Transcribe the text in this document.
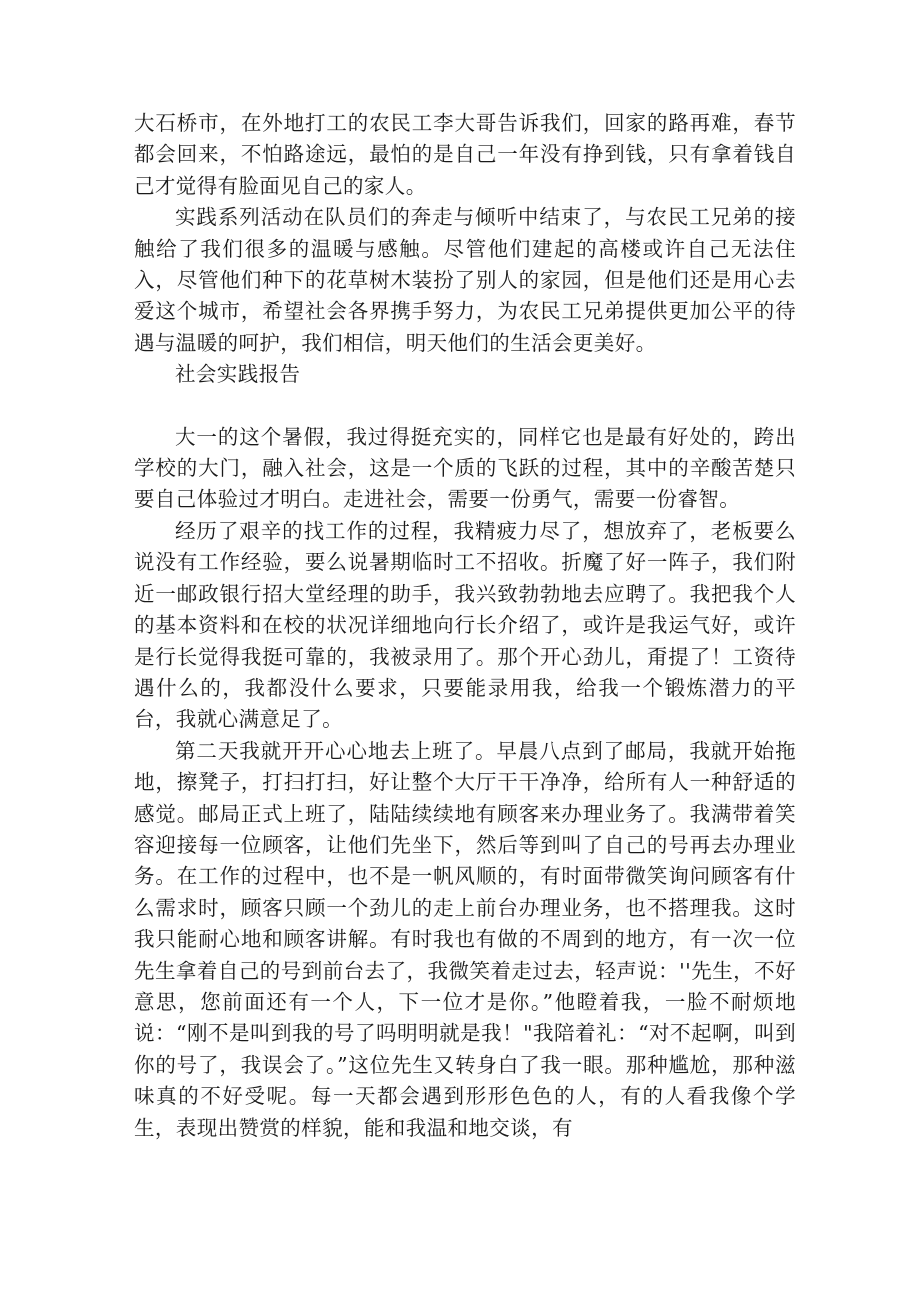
大石桥市，在外地打工的农民工李大哥告诉我们，回家的路再难，春节都会回来，不怕路途远，最怕的是自己一年没有挣到钱，只有拿着钱自己才觉得有脸面见自己的家人。

实践系列活动在队员们的奔走与倾听中结束了，与农民工兄弟的接触给了我们很多的温暖与感触。尽管他们建起的高楼或许自己无法住入，尽管他们种下的花草树木装扮了别人的家园，但是他们还是用心去爱这个城市，希望社会各界携手努力，为农民工兄弟提供更加公平的待遇与温暖的呵护，我们相信，明天他们的生活会更美好。

社会实践报告

大一的这个暑假，我过得挺充实的，同样它也是最有好处的，跨出学校的大门，融入社会，这是一个质的飞跃的过程，其中的辛酸苦楚只要自己体验过才明白。走进社会，需要一份勇气，需要一份睿智。

经历了艰辛的找工作的过程，我精疲力尽了，想放弃了，老板要么说没有工作经验，要么说暑期临时工不招收。折魔了好一阵子，我们附近一邮政银行招大堂经理的助手，我兴致勃勃地去应聘了。我把我个人的基本资料和在校的状况详细地向行长介绍了，或许是我运气好，或许是行长觉得我挺可靠的，我被录用了。那个开心劲儿，甭提了！工资待遇什么的，我都没什么要求，只要能录用我，给我一个锻炼潜力的平台，我就心满意足了。

第二天我就开开心心地去上班了。早晨八点到了邮局，我就开始拖地，擦凳子，打扫打扫，好让整个大厅干干净净，给所有人一种舒适的感觉。邮局正式上班了，陆陆续续地有顾客来办理业务了。我满带着笑容迎接每一位顾客，让他们先坐下，然后等到叫了自己的号再去办理业务。在工作的过程中，也不是一帆风顺的，有时面带微笑询问顾客有什么需求时，顾客只顾一个劲儿的走上前台办理业务，也不搭理我。这时我只能耐心地和顾客讲解。有时我也有做的不周到的地方，有一次一位先生拿着自己的号到前台去了，我微笑着走过去，轻声说：''先生，不好意思，您前面还有一个人，下一位才是你。”他瞪着我，一脸不耐烦地说：“刚不是叫到我的号了吗明明就是我！"我陪着礼：“对不起啊，叫到你的号了，我误会了。”这位先生又转身白了我一眼。那种尴尬，那种滋味真的不好受呢。每一天都会遇到形形色色的人，有的人看我像个学生，表现出赞赏的样貌，能和我温和地交谈，有
